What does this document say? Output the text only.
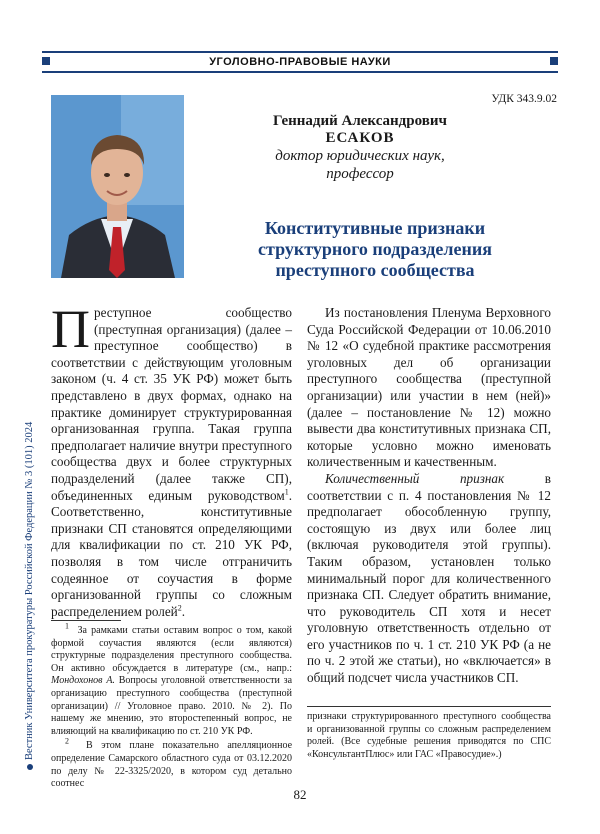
УГОЛОВНО-ПРАВОВЫЕ НАУКИ
Вестник Университета прокуратуры Российской Федерации № 3 (101) 2024
УДК 343.9.02
Геннадий Александрович
ЕСАКОВ
доктор юридических наук,
профессор
Конститутивные признаки
структурного подразделения
преступного сообщества

Преступное сообщество (преступная организация) (далее – преступное сообщество) в соответствии с действующим уголовным законом (ч. 4 ст. 35 УК РФ) может быть представлено в двух формах, однако на практике доминирует структурированная организованная группа. Такая группа предполагает наличие внутри преступного сообщества двух и более структурных подразделений (далее также СП), объединенных единым руководством$^1$. Соответственно, конститутивные признаки СП становятся определяющими для квалификации по ст. 210 УК РФ, позволяя в том числе отграничить содеянное от соучастия в форме организованной группы со сложным распределением ролей$^2$.

Из постановления Пленума Верховного Суда Российской Федерации от 10.06.2010 № 12 «О судебной практике рассмотрения уголовных дел об организации преступного сообщества (преступной организации) или участии в нем (ней)» (далее – постановление № 12) можно вывести два конститутивных признака СП, которые условно можно именовать количественным и качественным.

Количественный признак в соответствии с п. 4 постановления № 12 предполагает обособленную группу, состоящую из двух или более лиц (включая руководителя этой группы). Таким образом, установлен только минимальный порог для количественного признака СП. Следует обратить внимание, что руководитель СП хотя и несет уголовную ответственность отдельно от его участников по ч. 1 ст. 210 УК РФ (а не по ч. 2 этой же статьи), но «включается» в общий подсчет числа участников СП.

$^1$ За рамками статьи оставим вопрос о том, какой формой соучастия являются (если являются) структурные подразделения преступного сообщества. Он активно обсуждается в литературе (см., напр.: Мондохонов А. Вопросы уголовной ответственности за организацию преступного сообщества (преступной организации) // Уголовное право. 2010. № 2). По нашему же мнению, это второстепенный вопрос, не влияющий на квалификацию по ст. 210 УК РФ.

$^2$ В этом плане показательно апелляционное определение Самарского областного суда от 03.12.2020 по делу № 22-3325/2020, в котором суд детально соотнес

признаки структурированного преступного сообщества и организованной группы со сложным распределением ролей. (Все судебные решения приводятся по СПС «КонсультантПлюс» или ГАС «Правосудие».)

82
